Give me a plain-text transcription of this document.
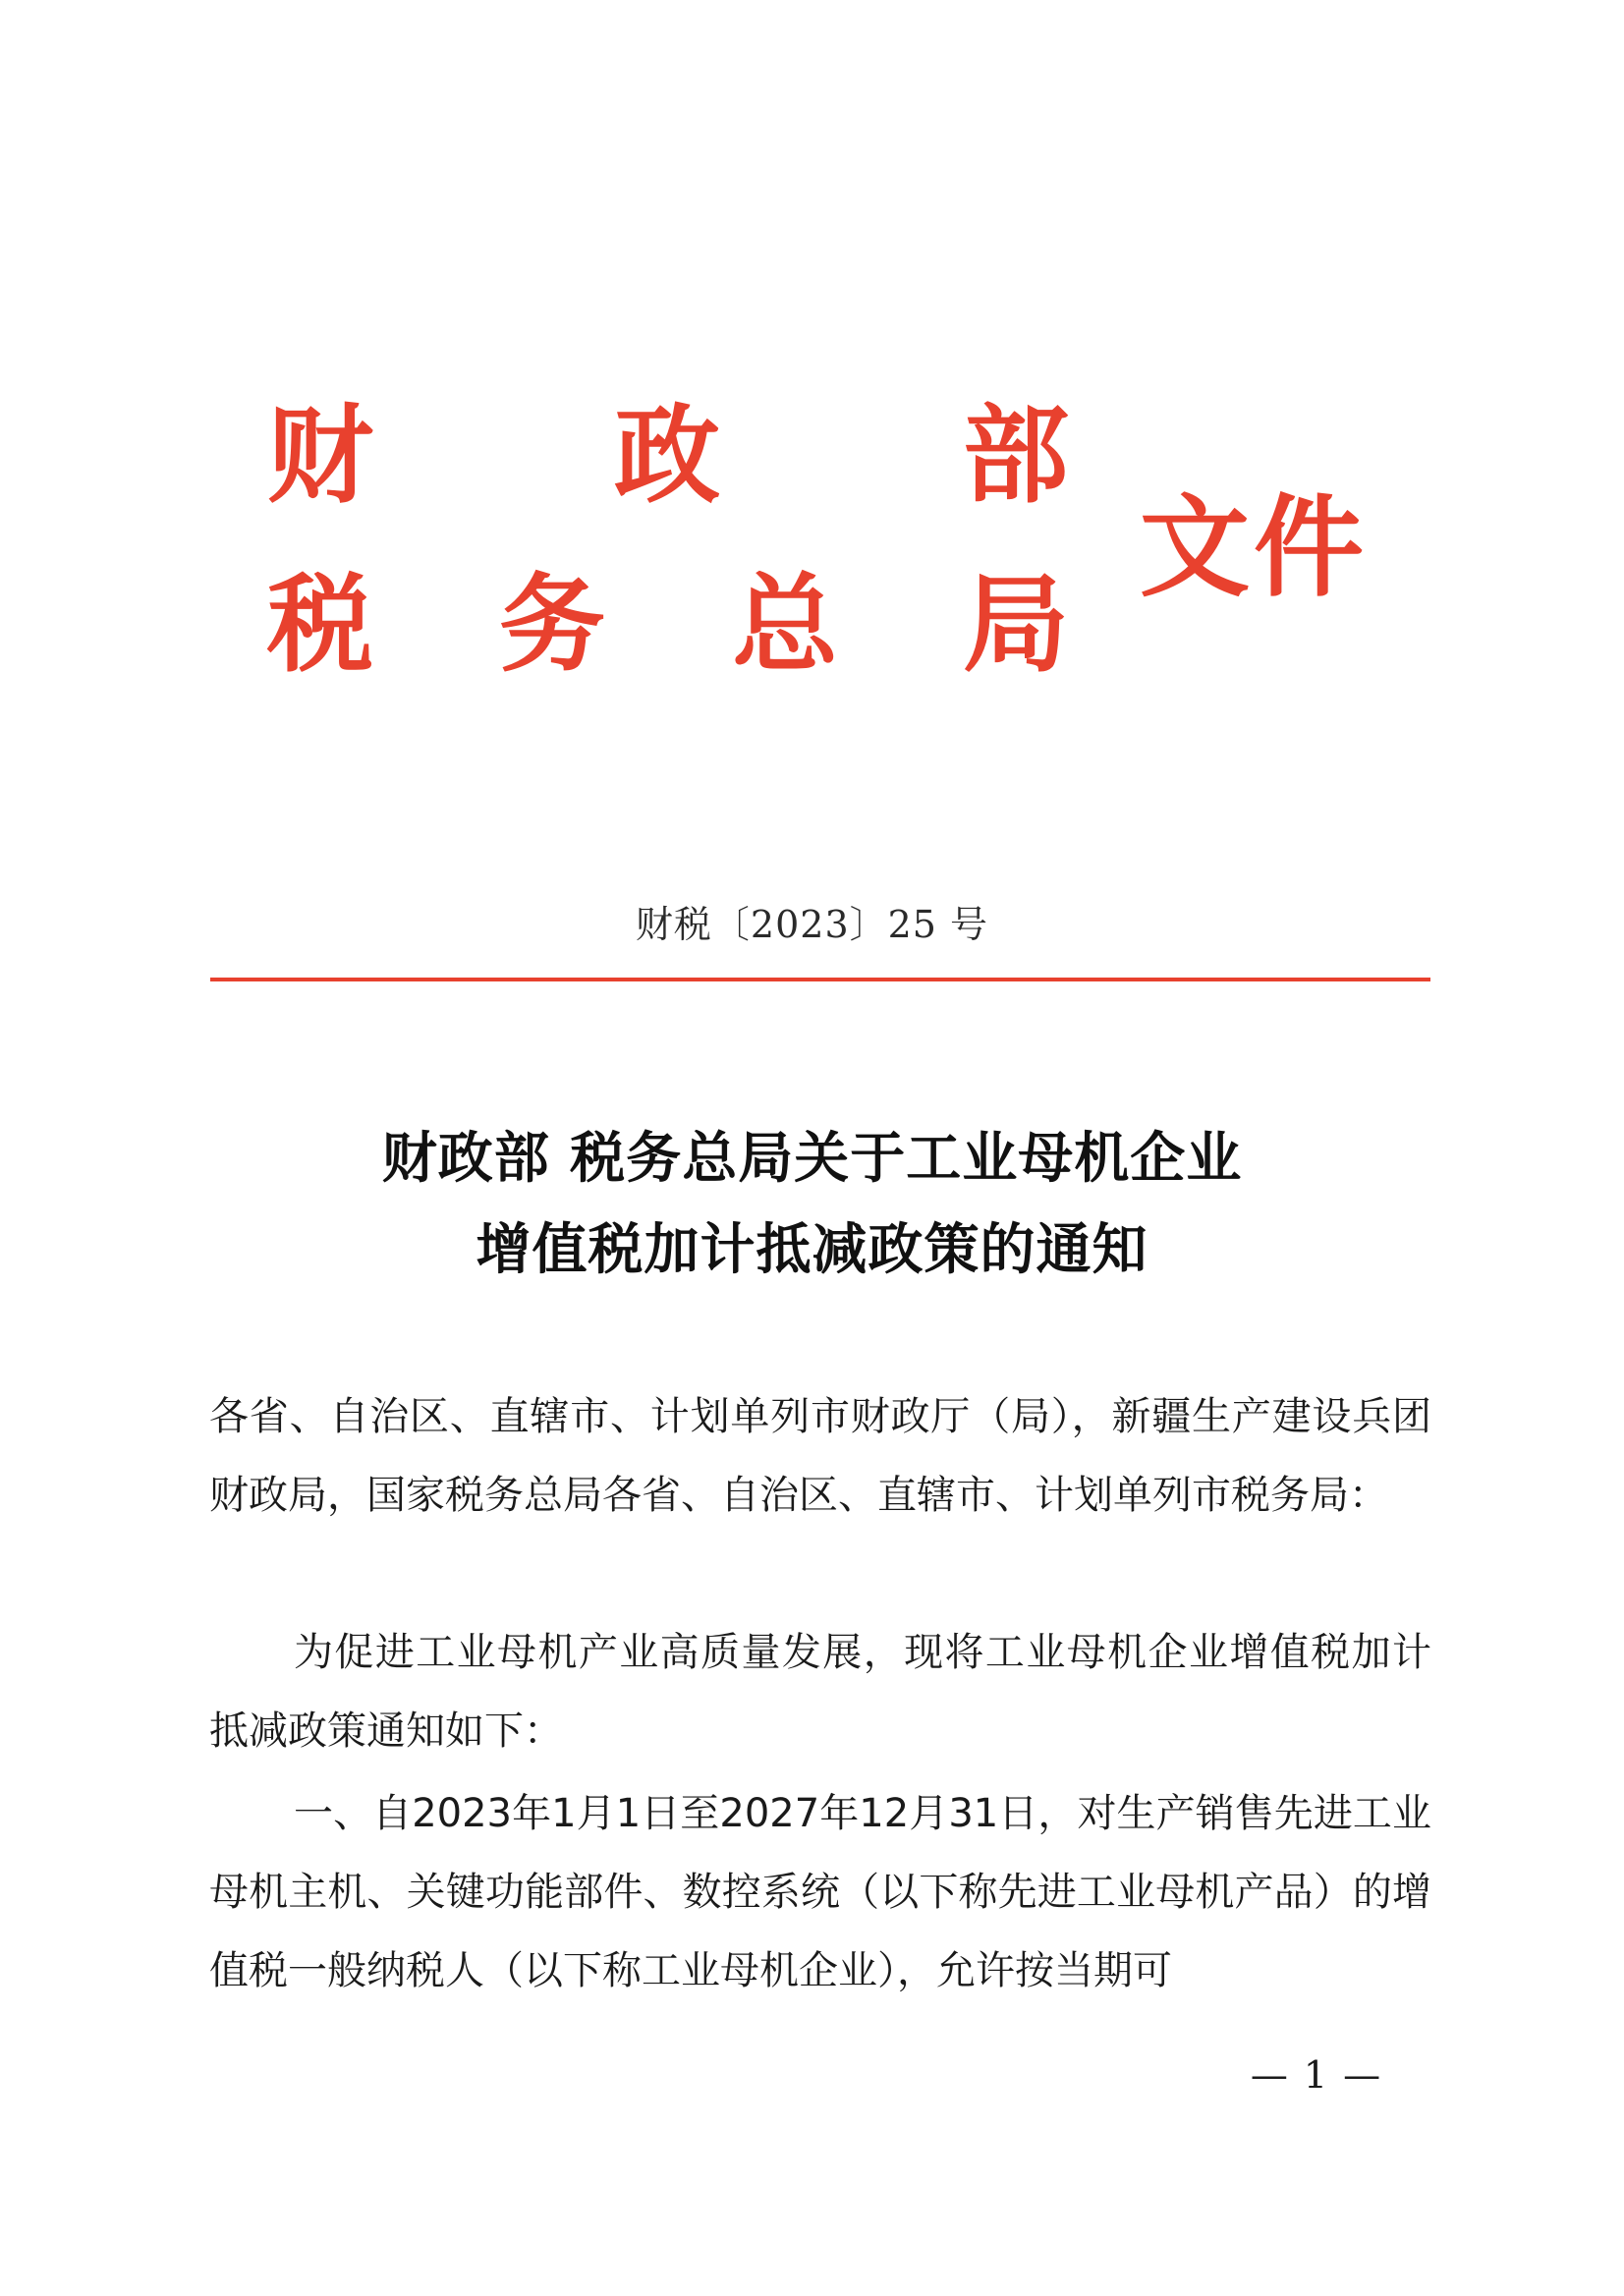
财 政 部
税 务 总 局
文件
财税〔2023〕25 号
财政部 税务总局关于工业母机企业
增值税加计抵减政策的通知
各省、自治区、直辖市、计划单列市财政厅（局），新疆生产建设兵团财政局，国家税务总局各省、自治区、直辖市、计划单列市税务局：

为促进工业母机产业高质量发展，现将工业母机企业增值税加计抵减政策通知如下：

一、自2023年1月1日至2027年12月31日，对生产销售先进工业母机主机、关键功能部件、数控系统（以下称先进工业母机产品）的增值税一般纳税人（以下称工业母机企业），允许按当期可

— 1 —
